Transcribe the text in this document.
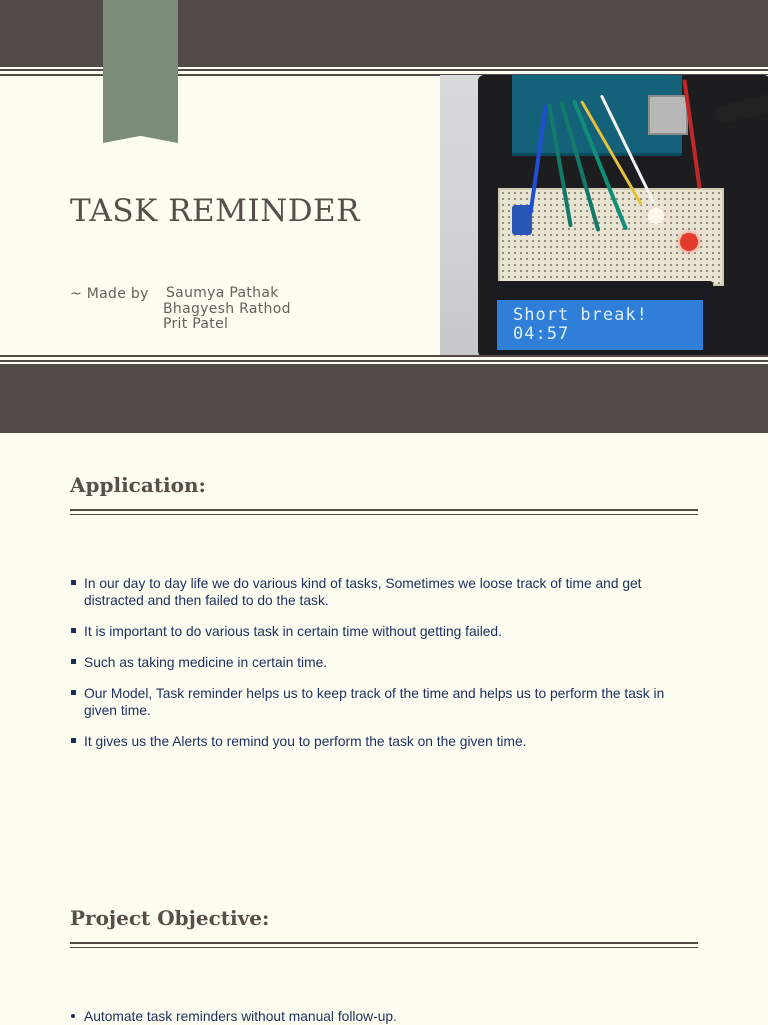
TASK REMINDER
~ Made by Saumya Pathak
Bhagyesh Rathod
Prit Patel	Short break!
04:57
Application:
In our day to day life we do various kind of tasks, Sometimes we loose track of time and get distracted and then failed to do the task.
It is important to do various task in certain time without getting failed.
Such as taking medicine in certain time.
Our Model, Task reminder helps us to keep track of the time and helps us to perform the task in given time.
It gives us the Alerts to remind you to perform the task on the given time.
Project Objective:
Automate task reminders without manual follow-up.
